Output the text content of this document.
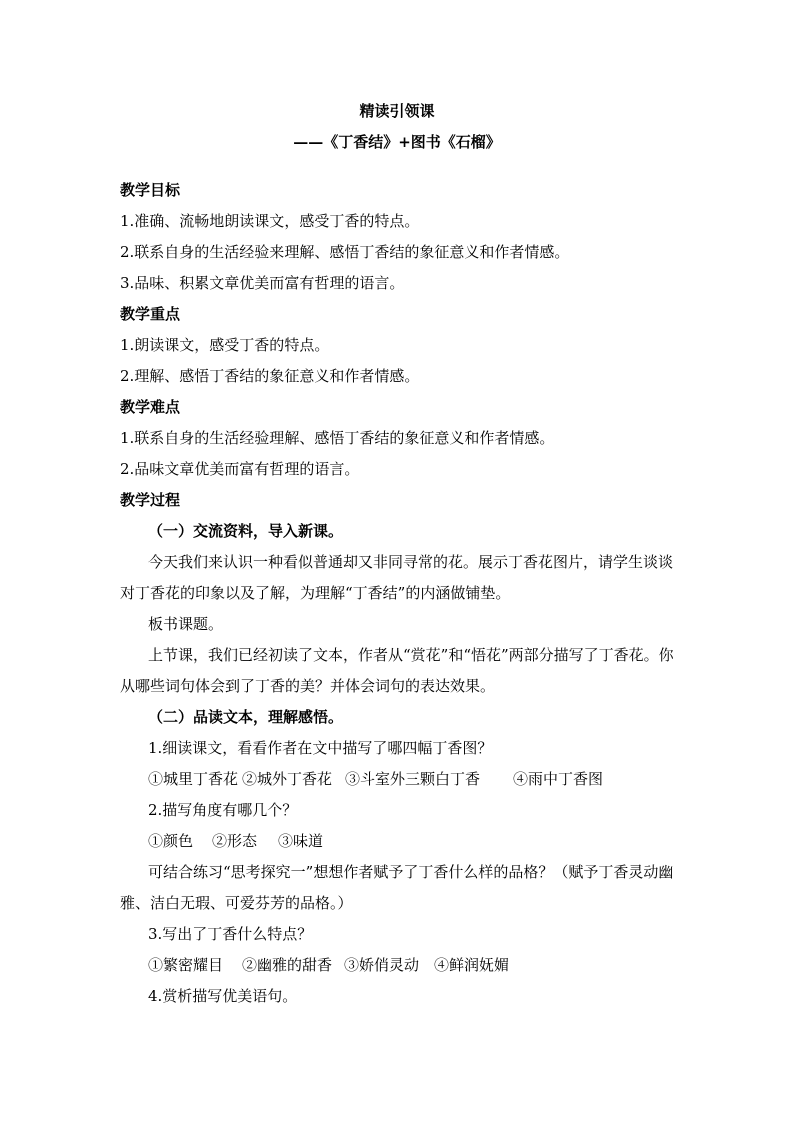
精读引领课
——《丁香结》+图书《石榴》
教学目标
1.准确、流畅地朗读课文，感受丁香的特点。
2.联系自身的生活经验来理解、感悟丁香结的象征意义和作者情感。
3.品味、积累文章优美而富有哲理的语言。
教学重点
1.朗读课文，感受丁香的特点。
2.理解、感悟丁香结的象征意义和作者情感。
教学难点
1.联系自身的生活经验理解、感悟丁香结的象征意义和作者情感。
2.品味文章优美而富有哲理的语言。
教学过程
（一）交流资料，导入新课。

今天我们来认识一种看似普通却又非同寻常的花。展示丁香花图片，请学生谈谈对丁香花的印象以及了解，为理解“丁香结”的内涵做铺垫。

板书课题。

上节课，我们已经初读了文本，作者从“赏花”和“悟花”两部分描写了丁香花。你从哪些词句体会到了丁香的美？并体会词句的表达效果。

（二）品读文本，理解感悟。
1.细读课文，看看作者在文中描写了哪四幅丁香图？
①城里丁香花 ②城外丁香花 ③斗室外三颗白丁香 ④雨中丁香图
2.描写角度有哪几个？
①颜色 ②形态 ③味道

可结合练习“思考探究一”想想作者赋予了丁香什么样的品格？（赋予丁香灵动幽雅、洁白无瑕、可爱芬芳的品格。）

3.写出了丁香什么特点？
①繁密耀目 ②幽雅的甜香 ③娇俏灵动 ④鲜润妩媚
4.赏析描写优美语句。
